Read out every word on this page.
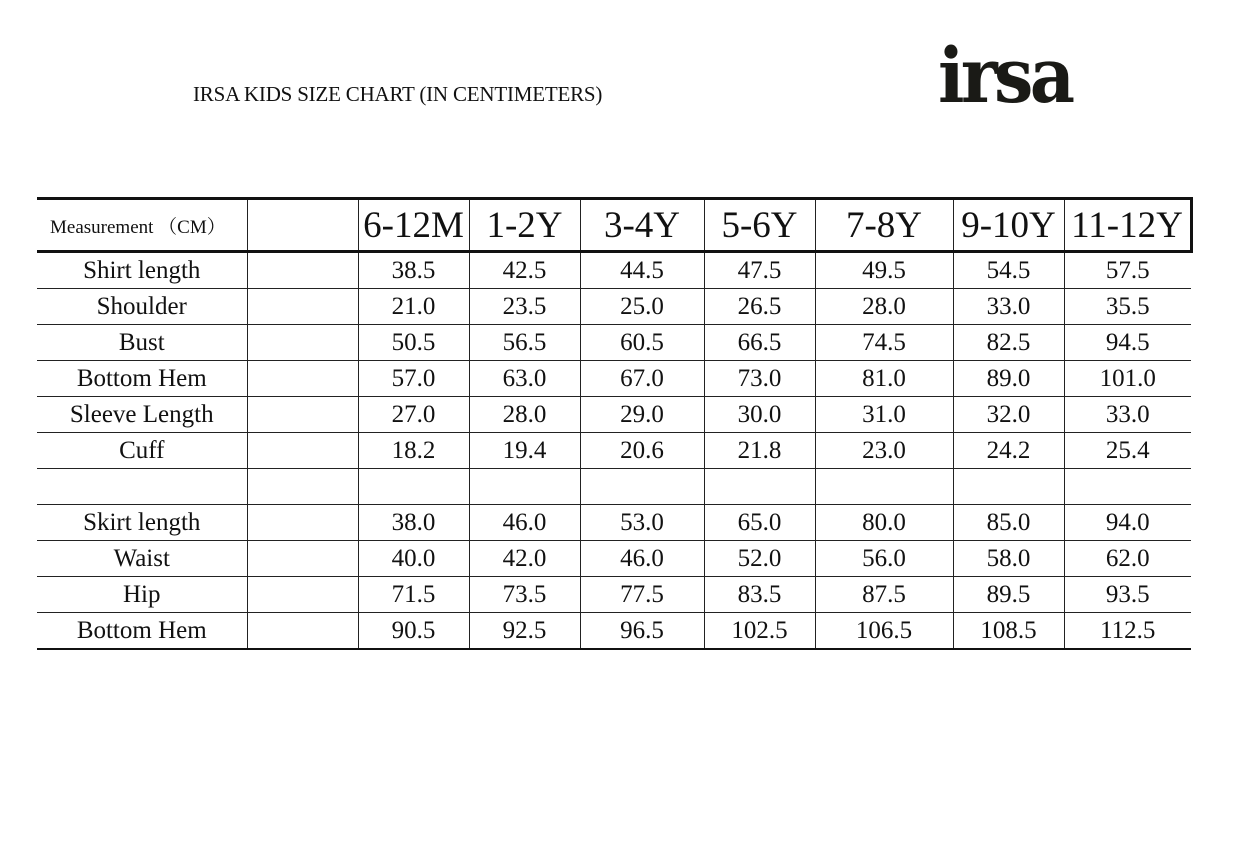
IRSA KIDS SIZE CHART (IN CENTIMETERS)	irsa
Measurement （CM）		6-12M	1-2Y	3-4Y	5-6Y	7-8Y	9-10Y	11-12Y
Shirt length		38.5	42.5	44.5	47.5	49.5	54.5	57.5
Shoulder		21.0	23.5	25.0	26.5	28.0	33.0	35.5
Bust		50.5	56.5	60.5	66.5	74.5	82.5	94.5
Bottom Hem		57.0	63.0	67.0	73.0	81.0	89.0	101.0
Sleeve Length		27.0	28.0	29.0	30.0	31.0	32.0	33.0
Cuff		18.2	19.4	20.6	21.8	23.0	24.2	25.4

Skirt length		38.0	46.0	53.0	65.0	80.0	85.0	94.0
Waist		40.0	42.0	46.0	52.0	56.0	58.0	62.0
Hip		71.5	73.5	77.5	83.5	87.5	89.5	93.5
Bottom Hem		90.5	92.5	96.5	102.5	106.5	108.5	112.5
